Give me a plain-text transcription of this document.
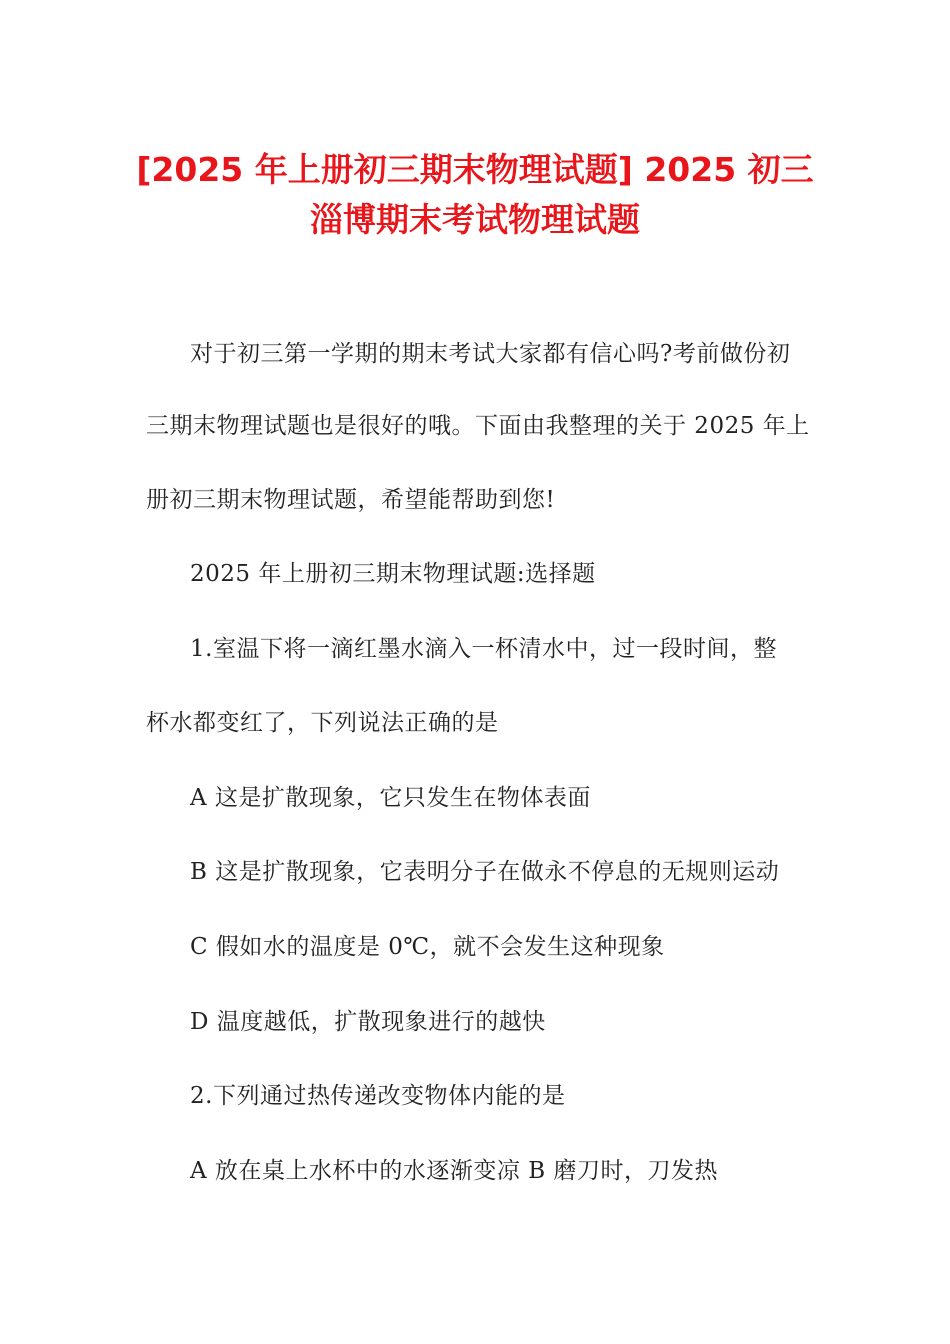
[2025 年上册初三期末物理试题] 2025 初三
淄博期末考试物理试题

对于初三第一学期的期末考试大家都有信心吗?考前做份初

三期末物理试题也是很好的哦。下面由我整理的关于 2025 年上

册初三期末物理试题，希望能帮助到您!

2025 年上册初三期末物理试题:选择题

1.室温下将一滴红墨水滴入一杯清水中，过一段时间，整

杯水都变红了，下列说法正确的是

A 这是扩散现象，它只发生在物体表面

B 这是扩散现象，它表明分子在做永不停息的无规则运动

C 假如水的温度是 0℃，就不会发生这种现象

D 温度越低，扩散现象进行的越快

2.下列通过热传递改变物体内能的是

A 放在桌上水杯中的水逐渐变凉 B 磨刀时，刀发热
